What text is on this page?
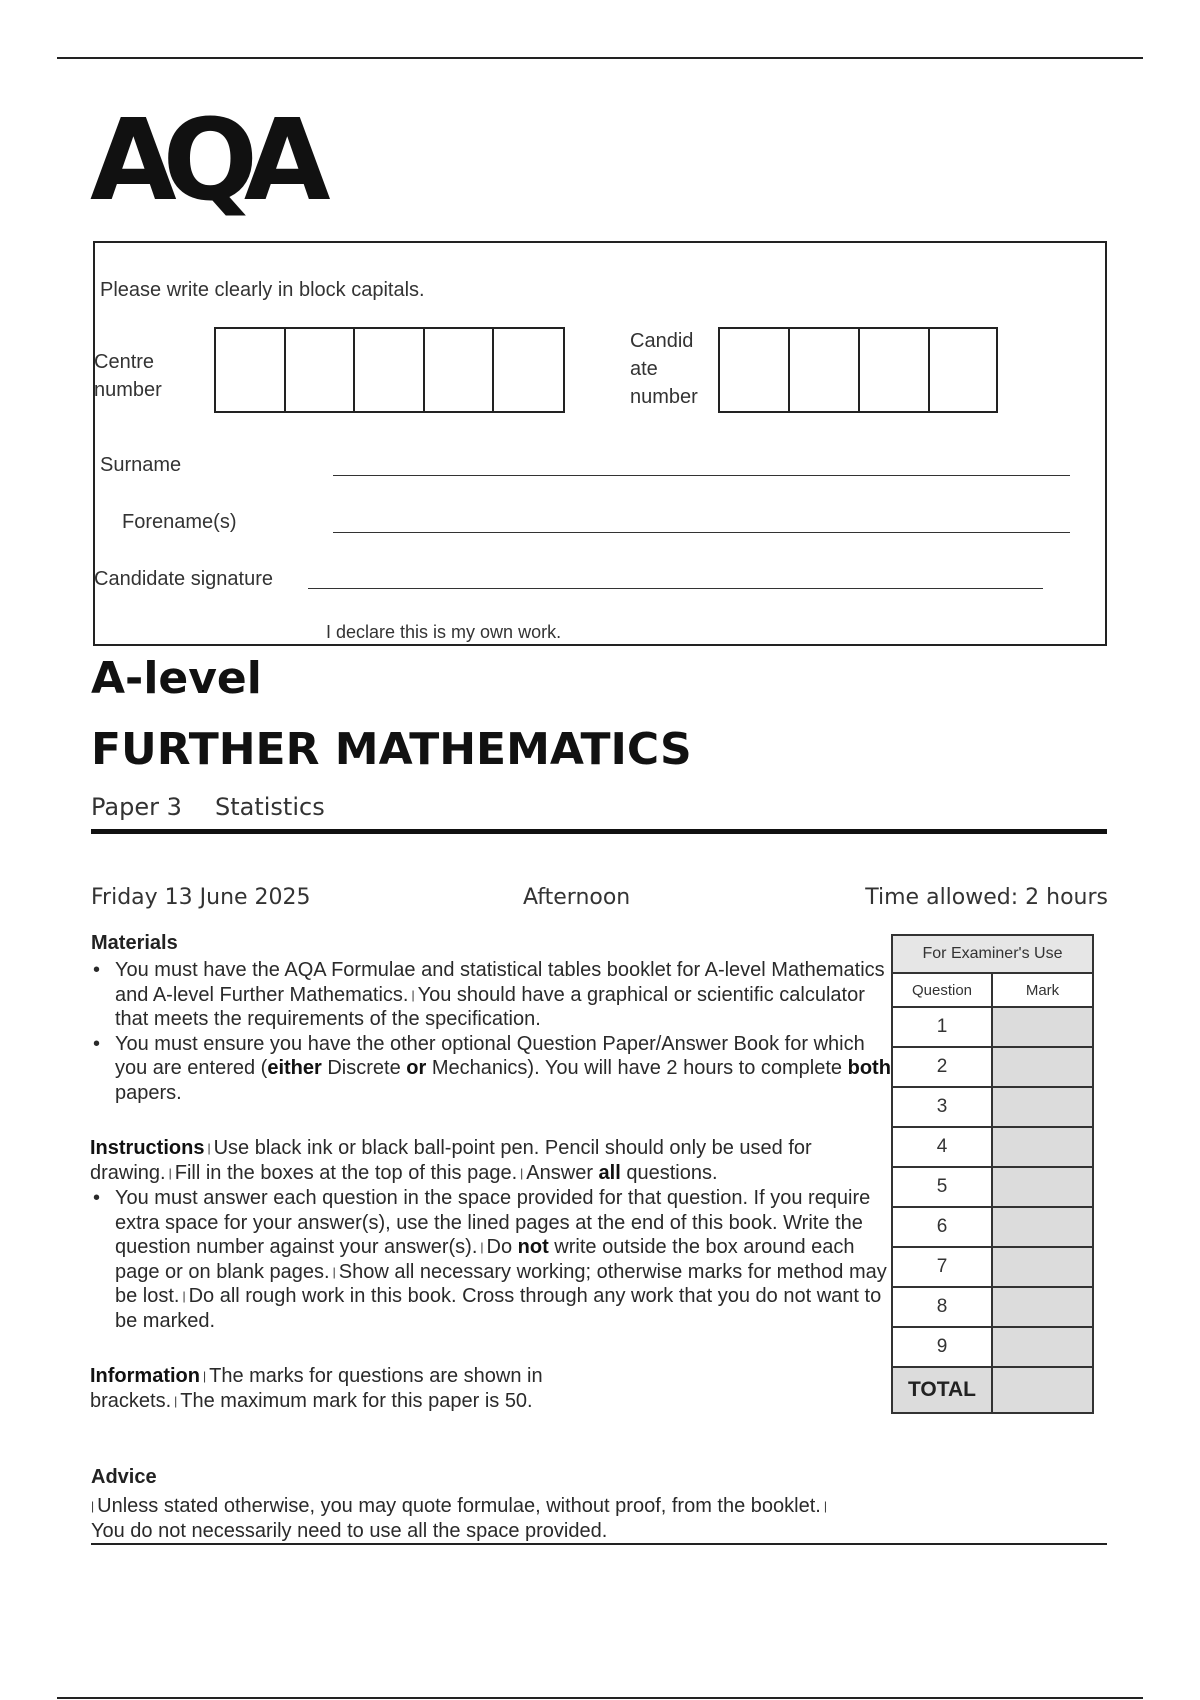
AQA
Please write clearly in block capitals.
Centre
number
Candid
ate
number
Surname
Forename(s)
Candidate signature
I declare this is my own work.
A-level
FURTHER MATHEMATICS
Paper 3 Statistics
Friday 13 June 2025	Afternoon	Time allowed: 2 hours
Materials
• You must have the AQA Formulae and statistical tables booklet for A-level Mathematics and A-level Further Mathematics. | You should have a graphical or scientific calculator that meets the requirements of the specification.
• You must ensure you have the other optional Question Paper/Answer Book for which you are entered (either Discrete or Mechanics). You will have 2 hours to complete both papers.
Instructions | Use black ink or black ball-point pen. Pencil should only be used for drawing. | Fill in the boxes at the top of this page. | Answer all questions.
• You must answer each question in the space provided for that question. If you require extra space for your answer(s), use the lined pages at the end of this book. Write the question number against your answer(s). | Do not write outside the box around each page or on blank pages. | Show all necessary working; otherwise marks for method may be lost. | Do all rough work in this book. Cross through any work that you do not want to be marked.
Information | The marks for questions are shown in brackets. | The maximum mark for this paper is 50.
Advice
| Unless stated otherwise, you may quote formulae, without proof, from the booklet. |
You do not necessarily need to use all the space provided.
For Examiner's Use	
Question	Mark
1	
2	
3	
4	
5	
6	
7	
8	
9	
TOTAL	
